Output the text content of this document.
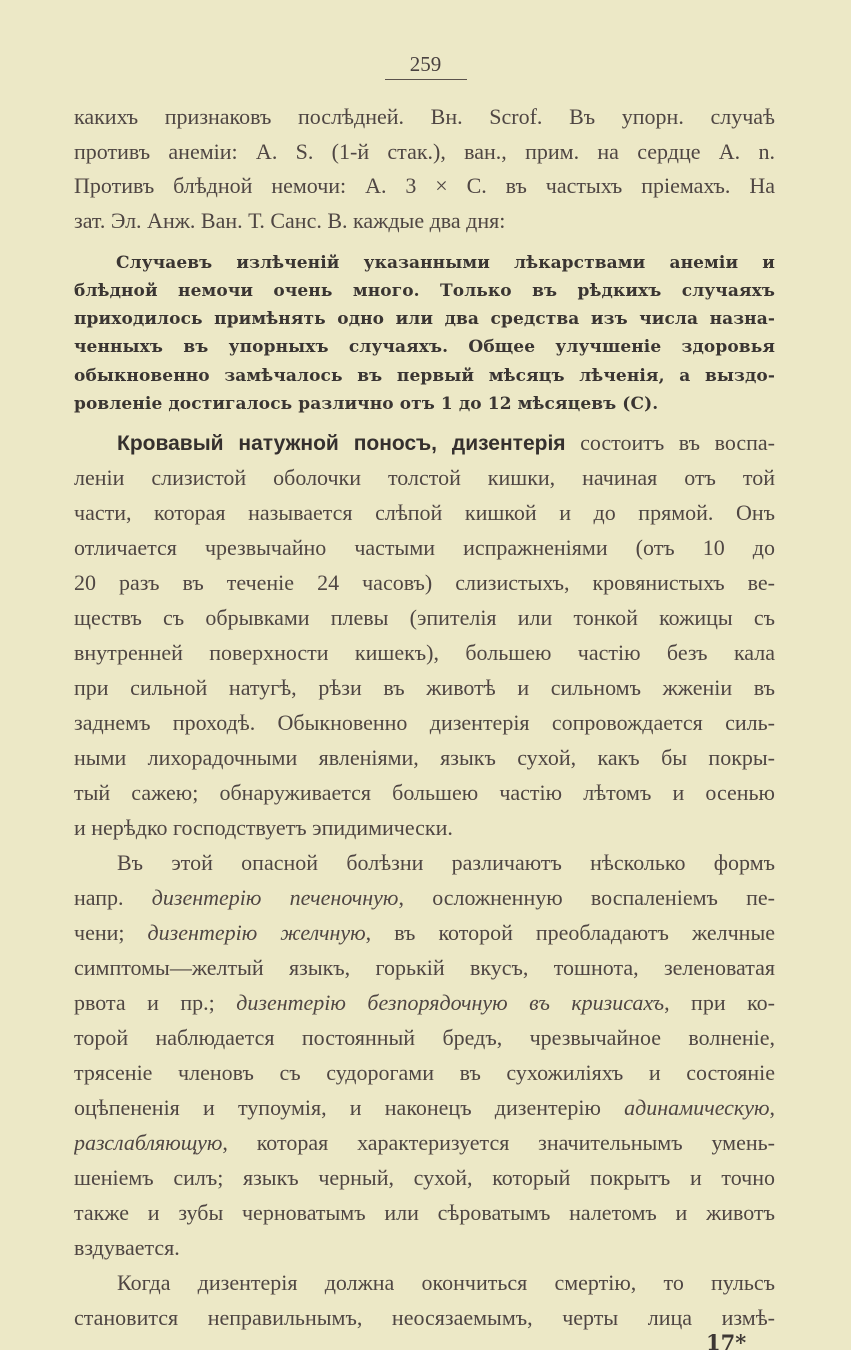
259
какихъ признаковъ послѣдней. Вн. Scrof. Въ упорн. случаѣ
противъ анеміи: А. S. (1-й стак.), ван., прим. на сердце А. n.
Противъ блѣдной немочи: А. 3 × С. въ частыхъ пріемахъ. На
зат. Эл. Анж. Ван. Т. Санс. В. каждые два дня:
Случаевъ излѣченій указанными лѣкарствами анеміи и
блѣдной немочи очень много. Только въ рѣдкихъ случаяхъ
приходилось примѣнять одно или два средства изъ числа назна-
ченныхъ въ упорныхъ случаяхъ. Общее улучшеніе здоровья
обыкновенно замѣчалось въ первый мѣсяцъ лѣченія, а выздо-
ровленіе достигалось различно отъ 1 до 12 мѣсяцевъ (С).
Кровавый натужной поносъ, дизентерія состоитъ въ воспа-
леніи слизистой оболочки толстой кишки, начиная отъ той
части, которая называется слѣпой кишкой и до прямой. Онъ
отличается чрезвычайно частыми испражненіями (отъ 10 до
20 разъ въ теченіе 24 часовъ) слизистыхъ, кровянистыхъ ве-
ществъ съ обрывками плевы (эпителія или тонкой кожицы съ
внутренней поверхности кишекъ), большею частію безъ кала
при сильной натугѣ, рѣзи въ животѣ и сильномъ жженіи въ
заднемъ проходѣ. Обыкновенно дизентерія сопровождается силь-
ными лихорадочными явленіями, языкъ сухой, какъ бы покры-
тый сажею; обнаруживается большею частію лѣтомъ и осенью
и нерѣдко господствуетъ эпидимически.
Въ этой опасной болѣзни различаютъ нѣсколько формъ
напр. дизентерію печеночную, осложненную воспаленіемъ пе-
чени; дизентерію желчную, въ которой преобладаютъ желчные
симптомы—желтый языкъ, горькій вкусъ, тошнота, зеленоватая
рвота и пр.; дизентерію безпорядочную въ кризисахъ, при ко-
торой наблюдается постоянный бредъ, чрезвычайное волненіе,
трясеніе членовъ съ судорогами въ сухожиліяхъ и состояніе
оцѣпененія и тупоумія, и наконецъ дизентерію адинамическую,
разслабляющую, которая характеризуется значительнымъ умень-
шеніемъ силъ; языкъ черный, сухой, который покрытъ и точно
также и зубы черноватымъ или сѣроватымъ налетомъ и животъ
вздувается.
Когда дизентерія должна окончиться смертію, то пульсъ
становится неправильнымъ, неосязаемымъ, черты лица измѣ-
17*
